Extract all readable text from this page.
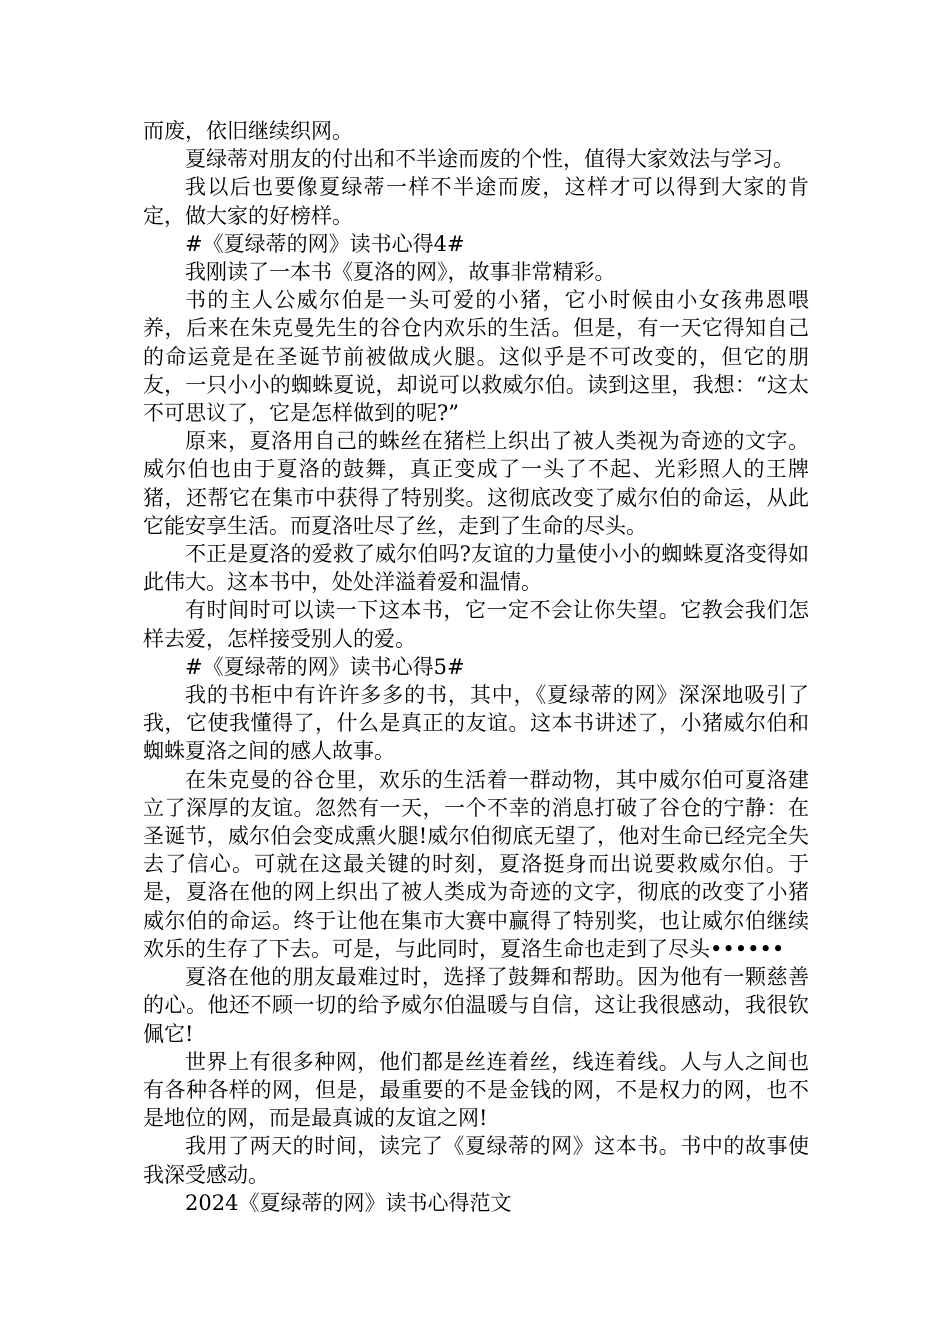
而废，依旧继续织网。

夏绿蒂对朋友的付出和不半途而废的个性，值得大家效法与学习。

我以后也要像夏绿蒂一样不半途而废，这样才可以得到大家的肯定，做大家的好榜样。

#《夏绿蒂的网》读书心得4#

我刚读了一本书《夏洛的网》，故事非常精彩。

书的主人公威尔伯是一头可爱的小猪，它小时候由小女孩弗恩喂养，后来在朱克曼先生的谷仓内欢乐的生活。但是，有一天它得知自己的命运竟是在圣诞节前被做成火腿。这似乎是不可改变的，但它的朋友，一只小小的蜘蛛夏说，却说可以救威尔伯。读到这里，我想：“这太不可思议了，它是怎样做到的呢?”

原来，夏洛用自己的蛛丝在猪栏上织出了被人类视为奇迹的文字。威尔伯也由于夏洛的鼓舞，真正变成了一头了不起、光彩照人的王牌猪，还帮它在集市中获得了特别奖。这彻底改变了威尔伯的命运，从此它能安享生活。而夏洛吐尽了丝，走到了生命的尽头。

不正是夏洛的爱救了威尔伯吗?友谊的力量使小小的蜘蛛夏洛变得如此伟大。这本书中，处处洋溢着爱和温情。

有时间时可以读一下这本书，它一定不会让你失望。它教会我们怎样去爱，怎样接受别人的爱。

#《夏绿蒂的网》读书心得5#

我的书柜中有许许多多的书，其中，《夏绿蒂的网》深深地吸引了我，它使我懂得了，什么是真正的友谊。这本书讲述了，小猪威尔伯和蜘蛛夏洛之间的感人故事。

在朱克曼的谷仓里，欢乐的生活着一群动物，其中威尔伯可夏洛建立了深厚的友谊。忽然有一天，一个不幸的消息打破了谷仓的宁静：在圣诞节，威尔伯会变成熏火腿!威尔伯彻底无望了，他对生命已经完全失去了信心。可就在这最关键的时刻，夏洛挺身而出说要救威尔伯。于是，夏洛在他的网上织出了被人类成为奇迹的文字，彻底的改变了小猪威尔伯的命运。终于让他在集市大赛中赢得了特别奖，也让威尔伯继续欢乐的生存了下去。可是，与此同时，夏洛生命也走到了尽头••••••

夏洛在他的朋友最难过时，选择了鼓舞和帮助。因为他有一颗慈善的心。他还不顾一切的给予威尔伯温暖与自信，这让我很感动，我很钦佩它!

世界上有很多种网，他们都是丝连着丝，线连着线。人与人之间也有各种各样的网，但是，最重要的不是金钱的网，不是权力的网，也不是地位的网，而是最真诚的友谊之网!

我用了两天的时间，读完了《夏绿蒂的网》这本书。书中的故事使我深受感动。

2024《夏绿蒂的网》读书心得范文
